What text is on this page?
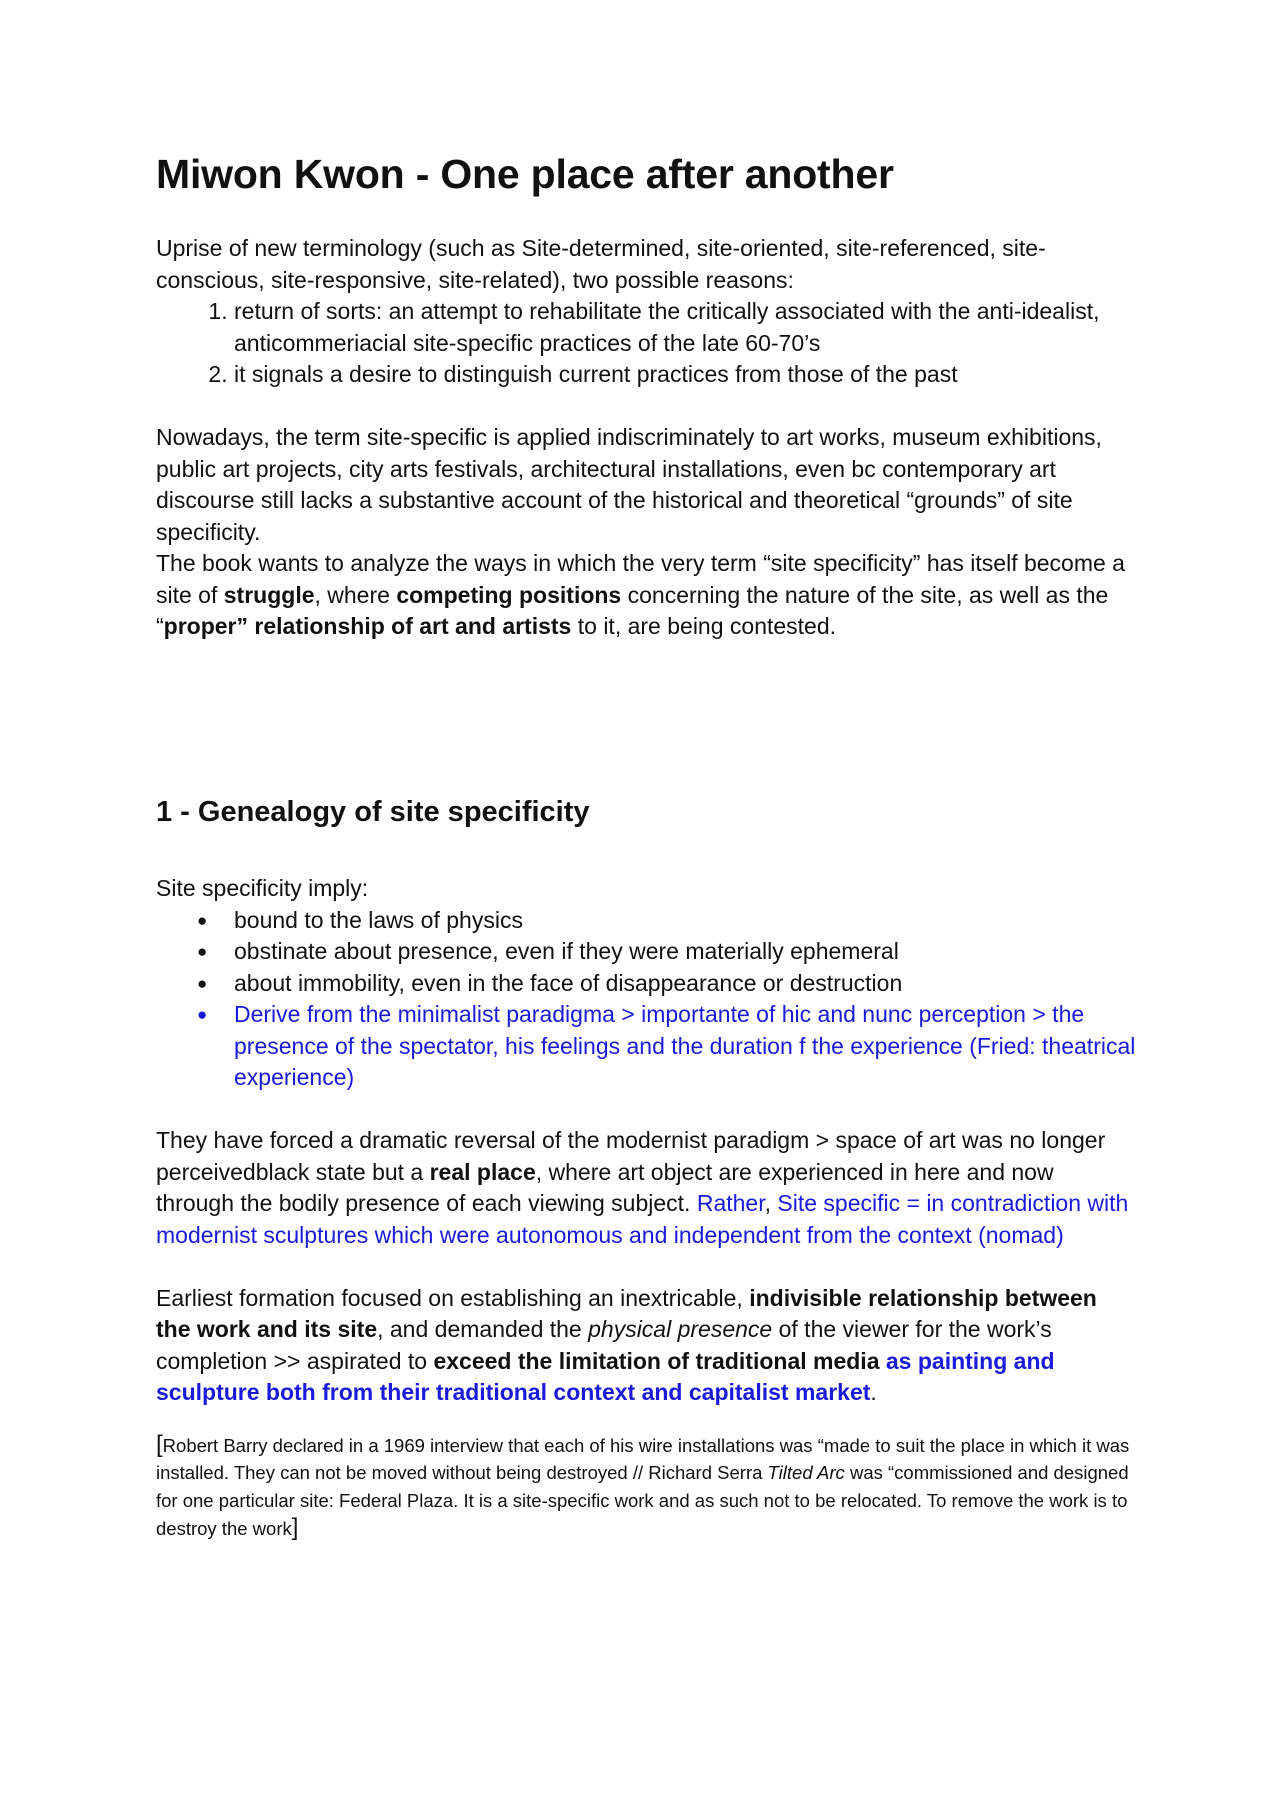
Miwon Kwon - One place after another

Uprise of new terminology (such as Site-determined, site-oriented, site-referenced, site-conscious, site-responsive, site-related), two possible reasons:

1. return of sorts: an attempt to rehabilitate the critically associated with the anti-idealist, anticommeriacial site-specific practices of the late 60-70’s
2. it signals a desire to distinguish current practices from those of the past

Nowadays, the term site-specific is applied indiscriminately to art works, museum exhibitions, public art projects, city arts festivals, architectural installations, even bc contemporary art discourse still lacks a substantive account of the historical and theoretical “grounds” of site specificity.

The book wants to analyze the ways in which the very term “site specificity” has itself become a site of struggle, where competing positions concerning the nature of the site, as well as the “proper” relationship of art and artists to it, are being contested.

1 - Genealogy of site specificity

Site specificity imply:

● bound to the laws of physics
● obstinate about presence, even if they were materially ephemeral
● about immobility, even in the face of disappearance or destruction
● Derive from the minimalist paradigma > importante of hic and nunc perception > the presence of the spectator, his feelings and the duration f the experience (Fried: theatrical experience)

They have forced a dramatic reversal of the modernist paradigm > space of art was no longer perceivedblack state but a real place, where art object are experienced in here and now through the bodily presence of each viewing subject. Rather, Site specific = in contradiction with modernist sculptures which were autonomous and independent from the context (nomad)

Earliest formation focused on establishing an inextricable, indivisible relationship between the work and its site, and demanded the physical presence of the viewer for the work’s completion >> aspirated to exceed the limitation of traditional media as painting and sculpture both from their traditional context and capitalist market.

[Robert Barry declared in a 1969 interview that each of his wire installations was “made to suit the place in which it was installed. They can not be moved without being destroyed // Richard Serra Tilted Arc was “commissioned and designed for one particular site: Federal Plaza. It is a site-specific work and as such not to be relocated. To remove the work is to destroy the work]
